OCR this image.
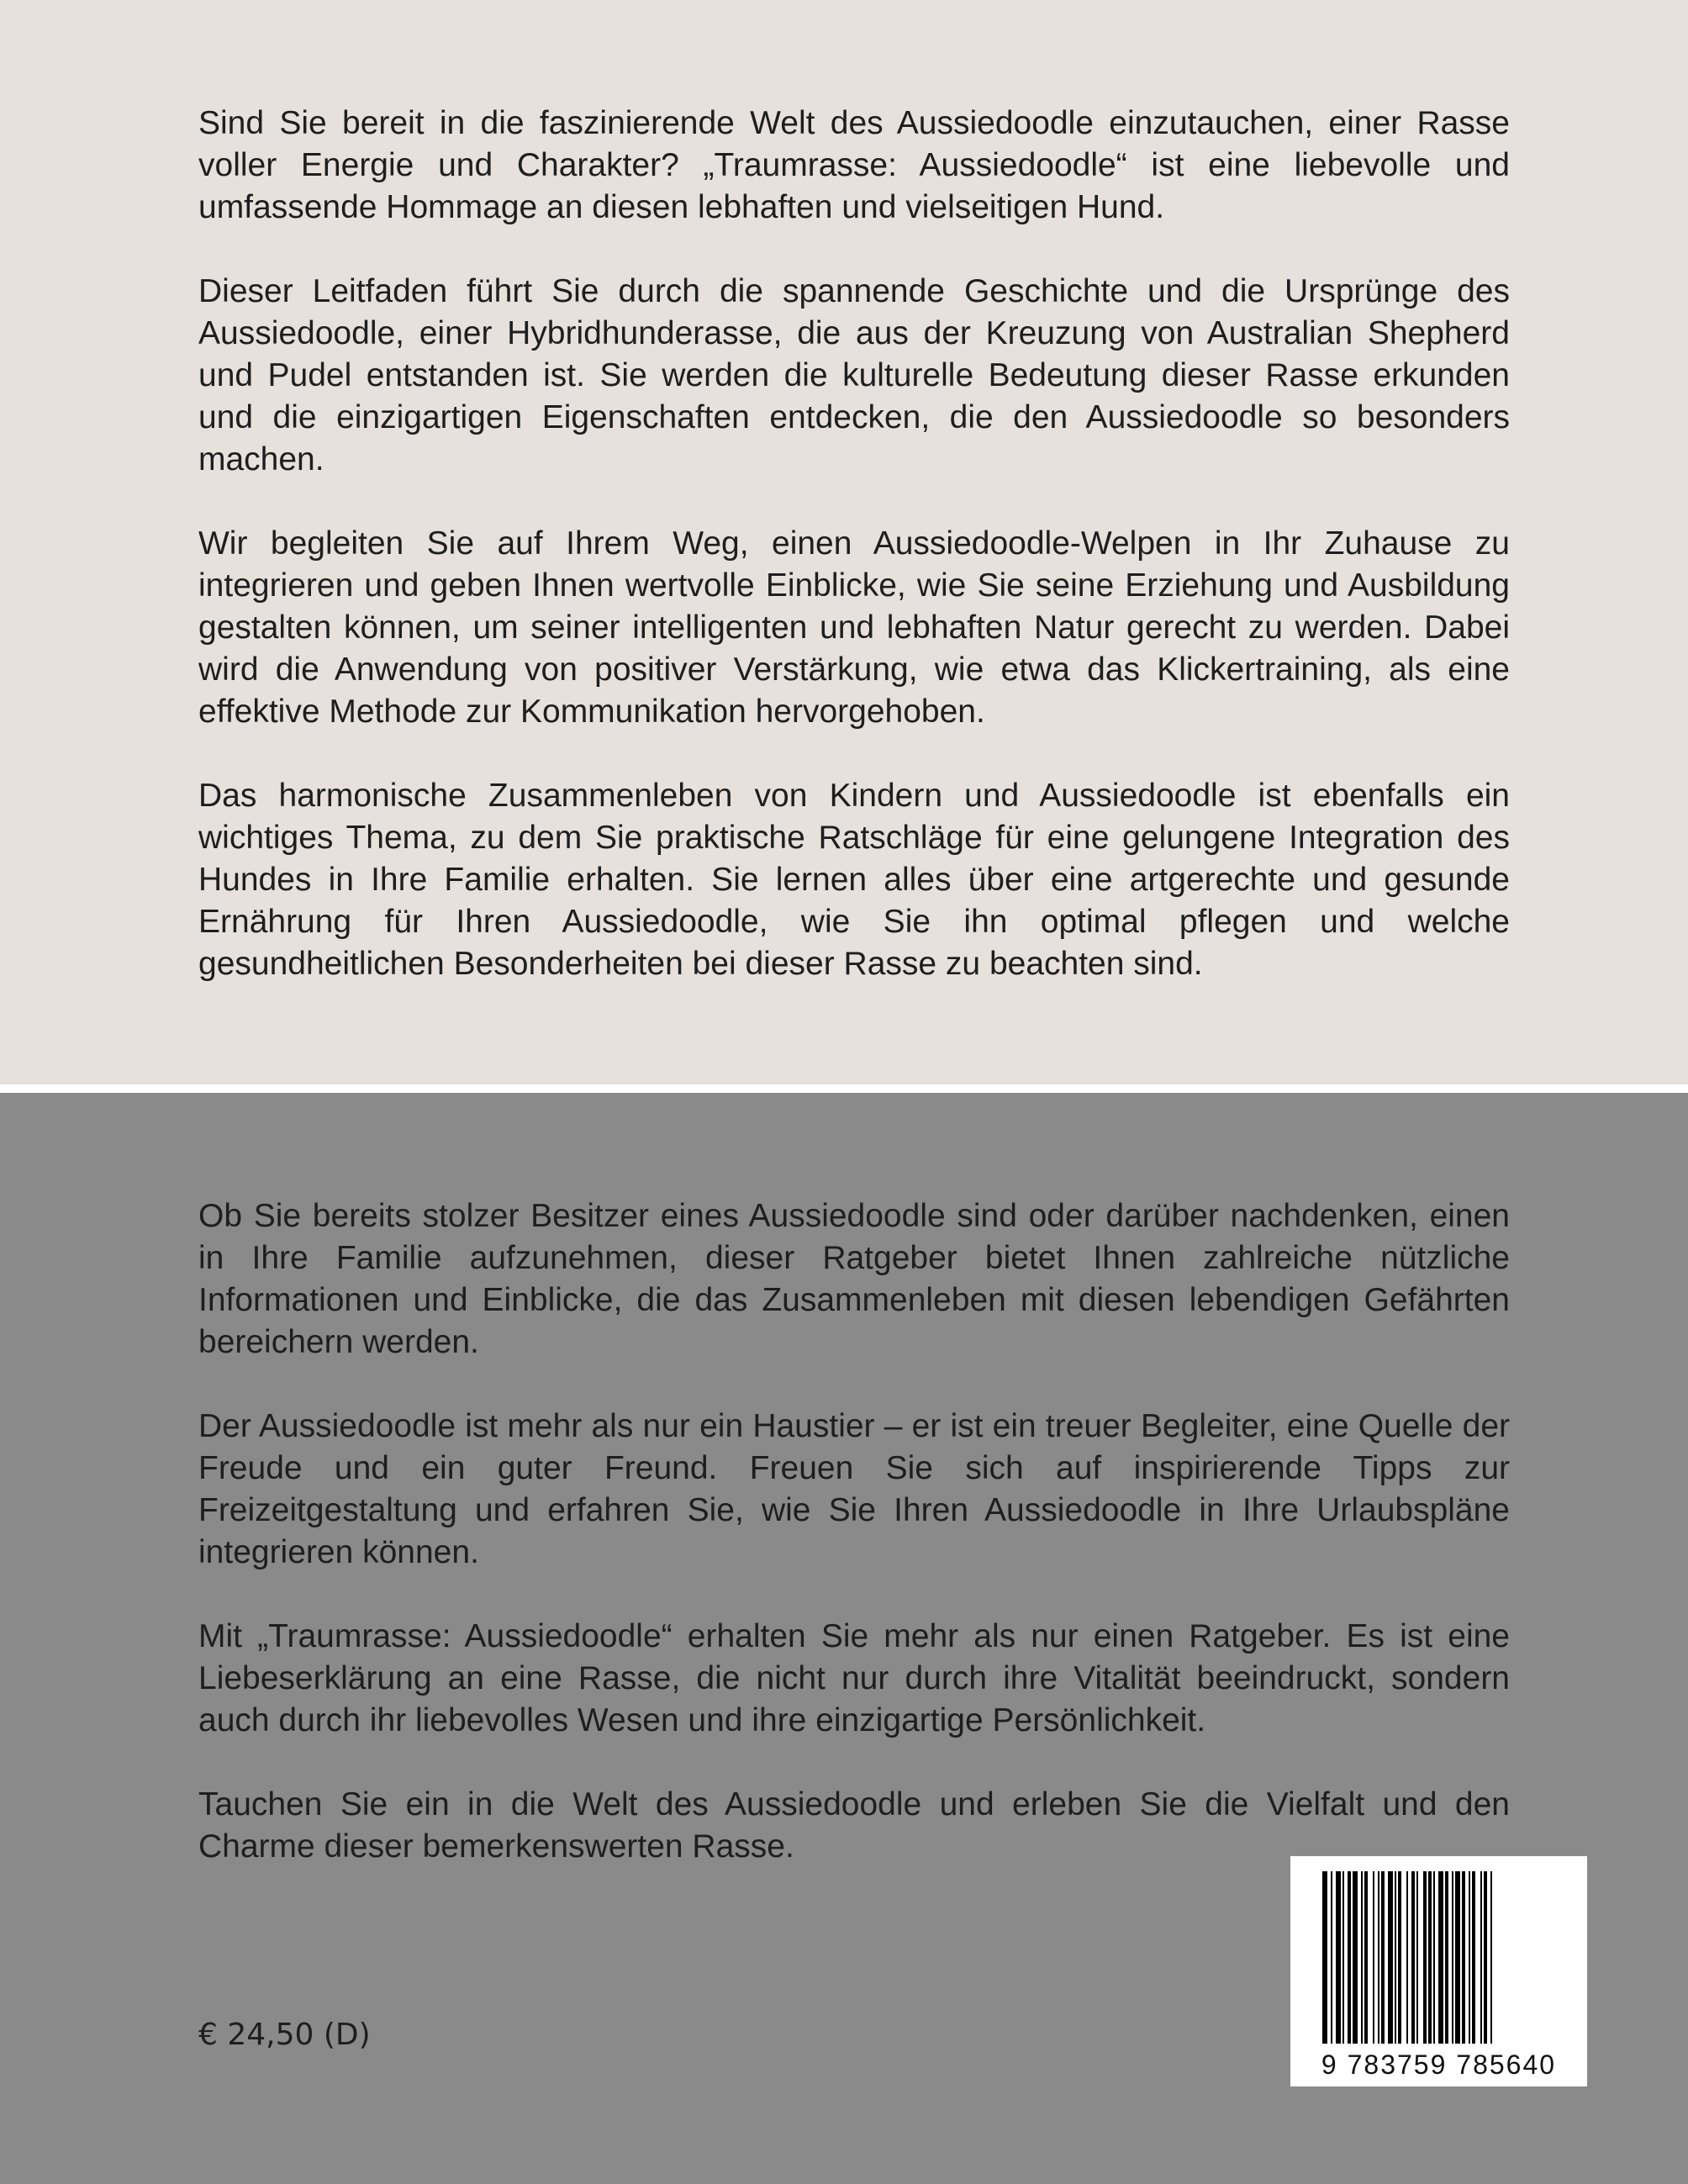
Sind Sie bereit in die faszinierende Welt des Aussiedoodle einzutauchen, einer Rasse voller Energie und Charakter? „Traumrasse: Aussiedoodle“ ist eine liebevolle und umfassende Hommage an diesen lebhaften und vielseitigen Hund.

Dieser Leitfaden führt Sie durch die spannende Geschichte und die Ursprünge des Aussiedoodle, einer Hybridhunderasse, die aus der Kreuzung von Australian Shepherd und Pudel entstanden ist. Sie werden die kulturelle Bedeutung dieser Rasse erkunden und die einzigartigen Eigenschaften entdecken, die den Aussiedoodle so besonders machen.

Wir begleiten Sie auf Ihrem Weg, einen Aussiedoodle-Welpen in Ihr Zuhause zu integrieren und geben Ihnen wertvolle Einblicke, wie Sie seine Erziehung und Ausbildung gestalten können, um seiner intelligenten und lebhaften Natur gerecht zu werden. Dabei wird die Anwendung von positiver Verstärkung, wie etwa das Klickertraining, als eine effektive Methode zur Kommunikation hervorgehoben.

Das harmonische Zusammenleben von Kindern und Aussiedoodle ist ebenfalls ein wichtiges Thema, zu dem Sie praktische Ratschläge für eine gelungene Integration des Hundes in Ihre Familie erhalten. Sie lernen alles über eine artgerechte und gesunde Ernährung für Ihren Aussiedoodle, wie Sie ihn optimal pflegen und welche gesundheitlichen Besonderheiten bei dieser Rasse zu beachten sind.

Ob Sie bereits stolzer Besitzer eines Aussiedoodle sind oder darüber nachdenken, einen in Ihre Familie aufzunehmen, dieser Ratgeber bietet Ihnen zahlreiche nützliche Informationen und Einblicke, die das Zusammenleben mit diesen lebendigen Gefährten bereichern werden.

Der Aussiedoodle ist mehr als nur ein Haustier – er ist ein treuer Begleiter, eine Quelle der Freude und ein guter Freund. Freuen Sie sich auf inspirierende Tipps zur Freizeitgestaltung und erfahren Sie, wie Sie Ihren Aussiedoodle in Ihre Urlaubspläne integrieren können.

Mit „Traumrasse: Aussiedoodle“ erhalten Sie mehr als nur einen Ratgeber. Es ist eine Liebeserklärung an eine Rasse, die nicht nur durch ihre Vitalität beeindruckt, sondern auch durch ihr liebevolles Wesen und ihre einzigartige Persönlichkeit.

Tauchen Sie ein in die Welt des Aussiedoodle und erleben Sie die Vielfalt und den Charme dieser bemerkenswerten Rasse.

€ 24,50 (D)

9 783759 785640
